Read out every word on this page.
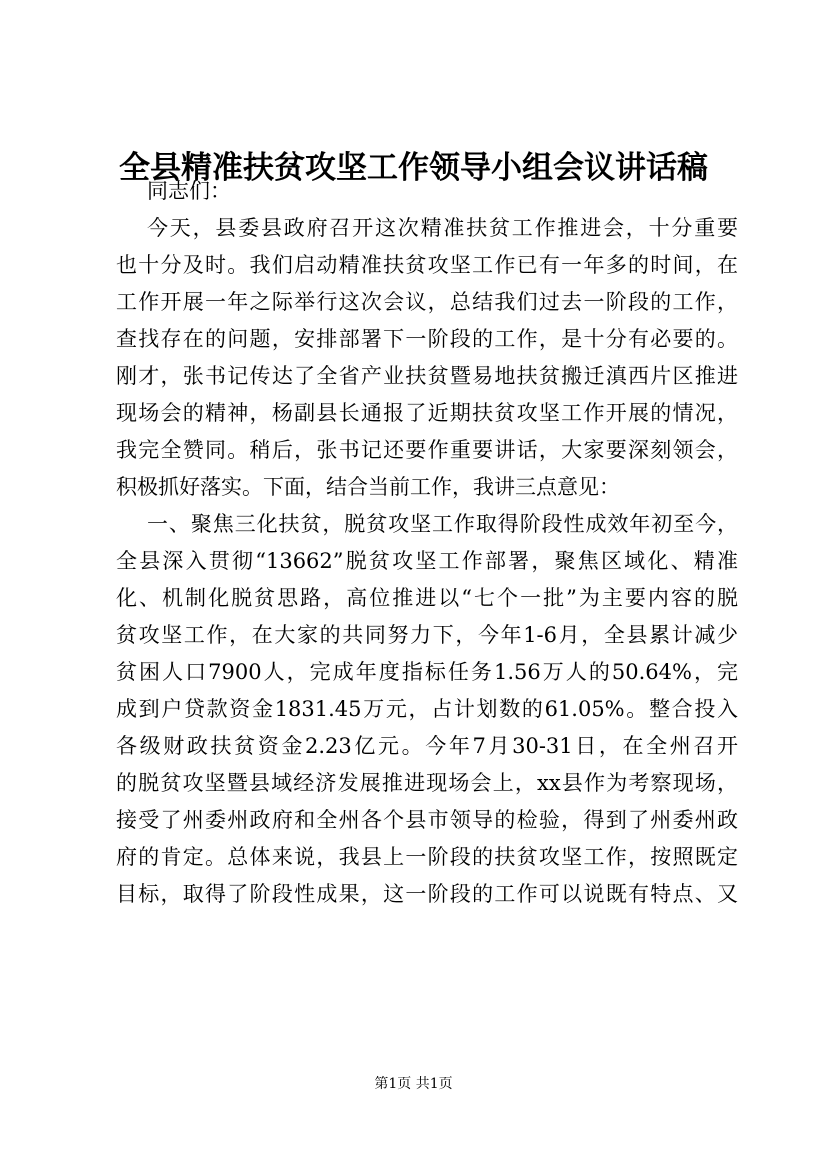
全县精准扶贫攻坚工作领导小组会议讲话稿
同志们：
今天，县委县政府召开这次精准扶贫工作推进会，十分重要
也十分及时。我们启动精准扶贫攻坚工作已有一年多的时间，在
工作开展一年之际举行这次会议，总结我们过去一阶段的工作，
查找存在的问题，安排部署下一阶段的工作，是十分有必要的。
刚才，张书记传达了全省产业扶贫暨易地扶贫搬迁滇西片区推进
现场会的精神，杨副县长通报了近期扶贫攻坚工作开展的情况，
我完全赞同。稍后，张书记还要作重要讲话，大家要深刻领会，
积极抓好落实。下面，结合当前工作，我讲三点意见：
一、聚焦三化扶贫，脱贫攻坚工作取得阶段性成效年初至今，
全县深入贯彻“13662”脱贫攻坚工作部署，聚焦区域化、精准
化、机制化脱贫思路，高位推进以“七个一批”为主要内容的脱
贫攻坚工作，在大家的共同努力下，今年1-6月，全县累计减少
贫困人口7900人，完成年度指标任务1.56万人的50.64%，完
成到户贷款资金1831.45万元，占计划数的61.05%。整合投入
各级财政扶贫资金2.23亿元。今年7月30-31日，在全州召开
的脱贫攻坚暨县域经济发展推进现场会上，xx县作为考察现场，
接受了州委州政府和全州各个县市领导的检验，得到了州委州政
府的肯定。总体来说，我县上一阶段的扶贫攻坚工作，按照既定
目标，取得了阶段性成果，这一阶段的工作可以说既有特点、又
第1页 共1页
